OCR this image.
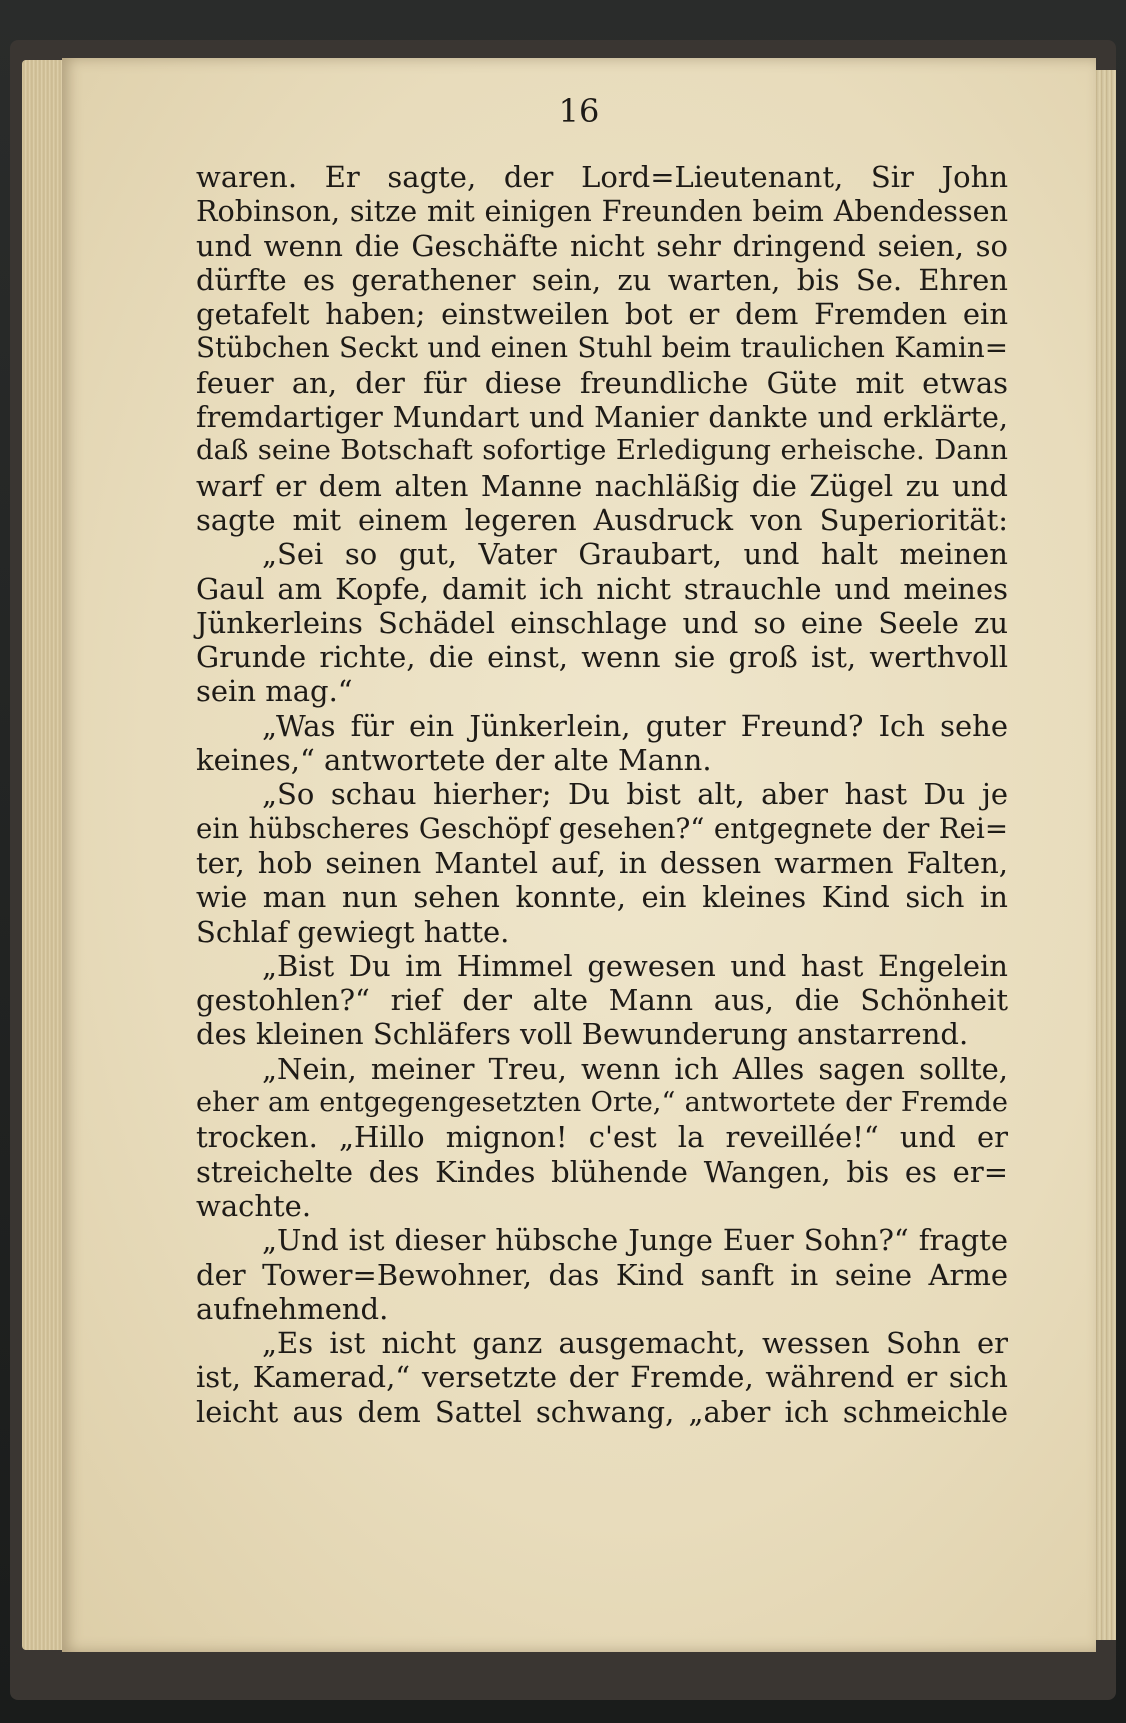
16
waren. Er sagte, der Lord=Lieutenant, Sir John
Robinson, sitze mit einigen Freunden beim Abendessen
und wenn die Geschäfte nicht sehr dringend seien, so
dürfte es gerathener sein, zu warten, bis Se. Ehren
getafelt haben; einstweilen bot er dem Fremden ein
Stübchen Seckt und einen Stuhl beim traulichen Kamin=
feuer an, der für diese freundliche Güte mit etwas
fremdartiger Mundart und Manier dankte und erklärte,
daß seine Botschaft sofortige Erledigung erheische. Dann
warf er dem alten Manne nachläßig die Zügel zu und
sagte mit einem legeren Ausdruck von Superiorität:
„Sei so gut, Vater Graubart, und halt meinen
Gaul am Kopfe, damit ich nicht strauchle und meines
Jünkerleins Schädel einschlage und so eine Seele zu
Grunde richte, die einst, wenn sie groß ist, werthvoll
sein mag.“
„Was für ein Jünkerlein, guter Freund? Ich sehe
keines,“ antwortete der alte Mann.
„So schau hierher; Du bist alt, aber hast Du je
ein hübscheres Geschöpf gesehen?“ entgegnete der Rei=
ter, hob seinen Mantel auf, in dessen warmen Falten,
wie man nun sehen konnte, ein kleines Kind sich in
Schlaf gewiegt hatte.
„Bist Du im Himmel gewesen und hast Engelein
gestohlen?“ rief der alte Mann aus, die Schönheit
des kleinen Schläfers voll Bewunderung anstarrend.
„Nein, meiner Treu, wenn ich Alles sagen sollte,
eher am entgegengesetzten Orte,“ antwortete der Fremde
trocken. „Hillo mignon! c'est la reveillée!“ und er
streichelte des Kindes blühende Wangen, bis es er=
wachte.
„Und ist dieser hübsche Junge Euer Sohn?“ fragte
der Tower=Bewohner, das Kind sanft in seine Arme
aufnehmend.
„Es ist nicht ganz ausgemacht, wessen Sohn er
ist, Kamerad,“ versetzte der Fremde, während er sich
leicht aus dem Sattel schwang, „aber ich schmeichle
